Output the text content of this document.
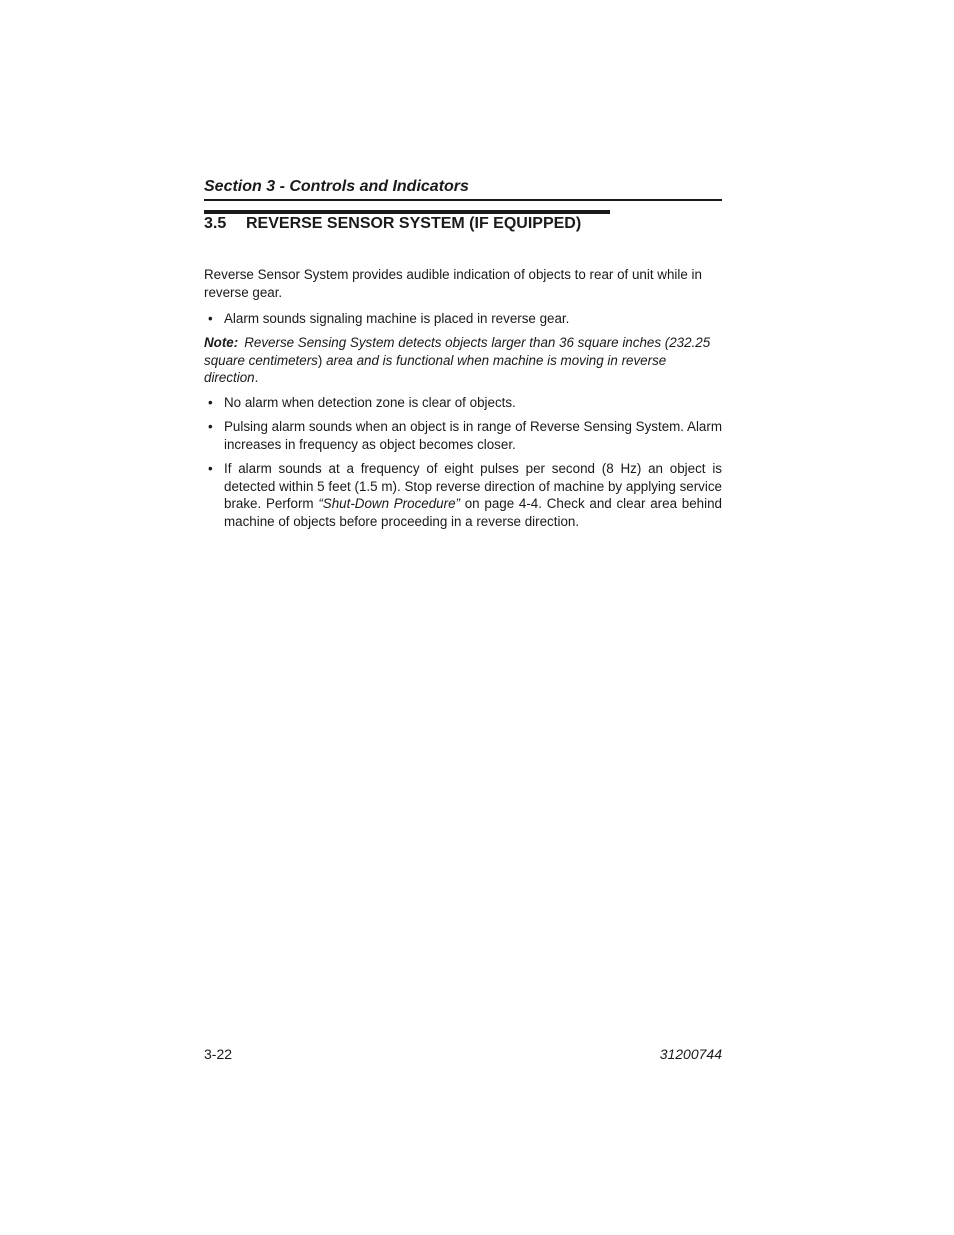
Section 3 - Controls and Indicators
3.5 REVERSE SENSOR SYSTEM (IF EQUIPPED)
Reverse Sensor System provides audible indication of objects to rear of unit while in reverse gear.
• Alarm sounds signaling machine is placed in reverse gear.
Note: Reverse Sensing System detects objects larger than 36 square inches (232.25 square centimeters) area and is functional when machine is moving in reverse direction.
• No alarm when detection zone is clear of objects.
• Pulsing alarm sounds when an object is in range of Reverse Sensing System. Alarm increases in frequency as object becomes closer.
• If alarm sounds at a frequency of eight pulses per second (8 Hz) an object is detected within 5 feet (1.5 m). Stop reverse direction of machine by applying service brake. Perform “Shut-Down Procedure” on page 4-4. Check and clear area behind machine of objects before proceeding in a reverse direction.
3-22	31200744
